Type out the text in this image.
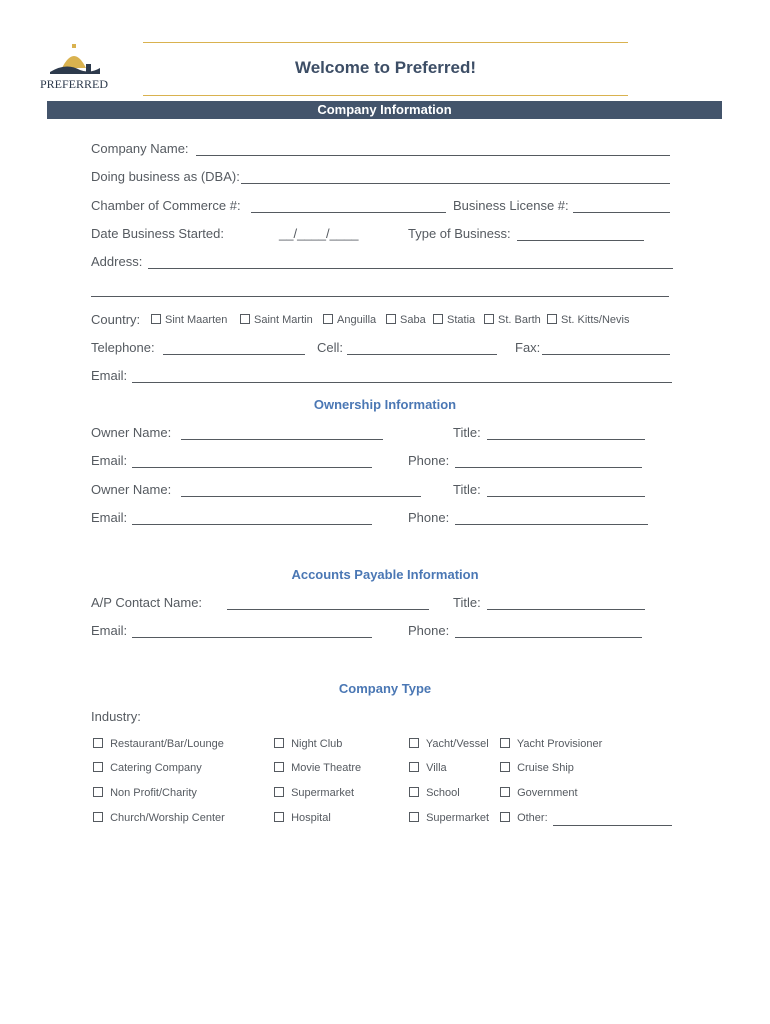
PREFERRED
Welcome to Preferred!
Company Information
Company Name:
Doing business as (DBA):
Chamber of Commerce #:	Business License #:
Date Business Started:	__/____/____	Type of Business:
Address:
Country:	Sint Maarten	Saint Martin	Anguilla	Saba	Statia	St. Barth	St. Kitts/Nevis
Telephone:	Cell:	Fax:
Email:
Ownership Information
Owner Name:	Title:
Email:	Phone:
Owner Name:	Title:
Email:	Phone:
Accounts Payable Information
A/P Contact Name:	Title:
Email:	Phone:
Company Type
Industry:
Restaurant/Bar/Lounge	Night Club	Yacht/Vessel	Yacht Provisioner
Catering Company	Movie Theatre	Villa	Cruise Ship
Non Profit/Charity	Supermarket	School	Government
Church/Worship Center	Hospital	Supermarket	Other:
